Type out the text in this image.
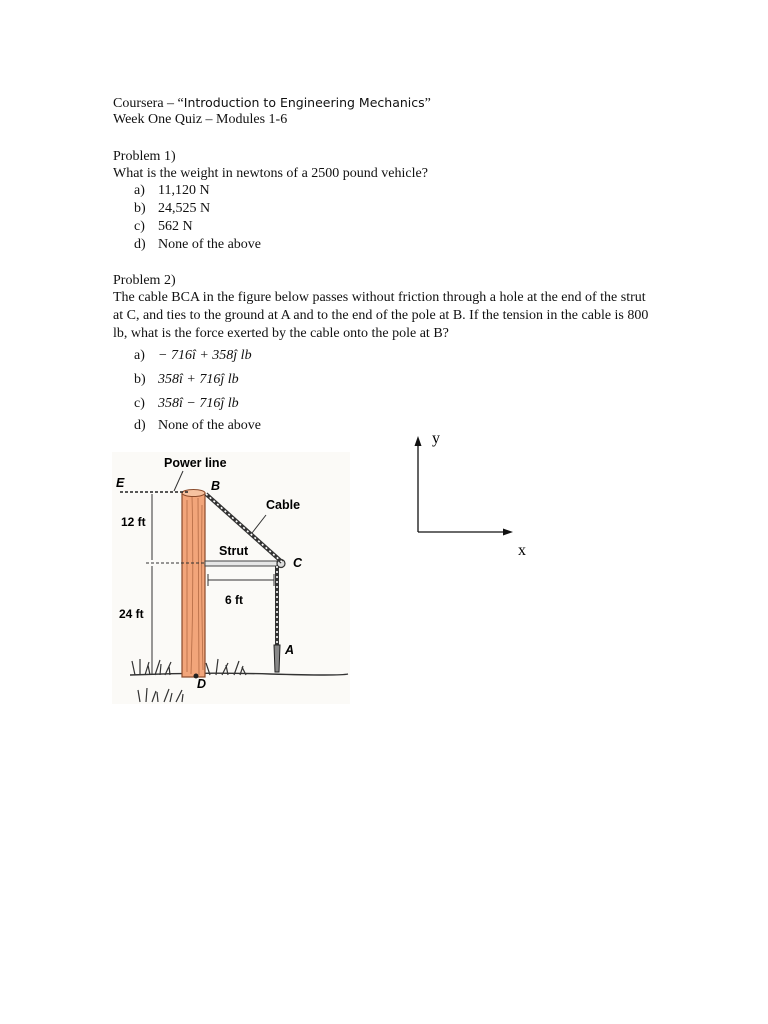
Coursera – “Introduction to Engineering Mechanics”
Week One Quiz – Modules 1-6
Problem 1)
What is the weight in newtons of a 2500 pound vehicle?
a) 11,120 N
b) 24,525 N
c) 562 N
d) None of the above
Problem 2)
The cable BCA in the figure below passes without friction through a hole at the end of the strut at C, and ties to the ground at A and to the end of the pole at B. If the tension in the cable is 800 lb, what is the force exerted by the cable onto the pole at B?
a) − 716î + 358ĵ lb
b) 358î + 716ĵ lb
c) 358î − 716ĵ lb
d) None of the above
Power line
E	B
Cable
Strut
C
A
D
12 ft
24 ft
6 ft
y
x
